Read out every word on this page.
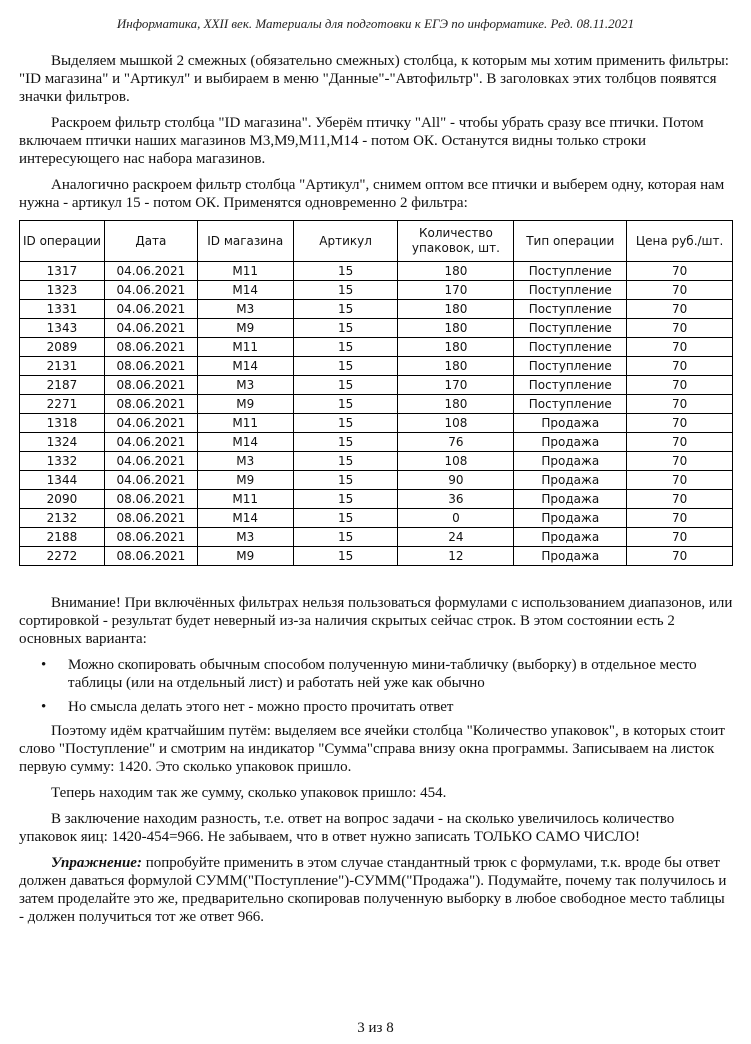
Информатика, XXII век. Материалы для подготовки к ЕГЭ по информатике. Ред. 08.11.2021

Выделяем мышкой 2 смежных (обязательно смежных) столбца, к которым мы хотим применить фильтры: "ID магазина" и "Артикул" и выбираем в меню "Данные"-"Автофильтр". В заголовках этих толбцов появятся значки фильтров.

Раскроем фильтр столбца "ID магазина". Уберём птичку "All" - чтобы убрать сразу все птички. Потом включаем птички наших магазинов М3,М9,М11,М14 - потом ОК. Останутся видны только строки интересующего нас набора магазинов.

Аналогично раскроем фильтр столбца "Артикул", снимем оптом все птички и выберем одну, которая нам нужна - артикул 15 - потом ОК. Применятся одновременно 2 фильтра:

ID операции	Дата	ID магазина	Артикул	Количество упаковок, шт.	Тип операции	Цена руб./шт.
1317	04.06.2021	М11	15	180	Поступление	70
1323	04.06.2021	М14	15	170	Поступление	70
1331	04.06.2021	М3	15	180	Поступление	70
1343	04.06.2021	М9	15	180	Поступление	70
2089	08.06.2021	М11	15	180	Поступление	70
2131	08.06.2021	М14	15	180	Поступление	70
2187	08.06.2021	М3	15	170	Поступление	70
2271	08.06.2021	М9	15	180	Поступление	70
1318	04.06.2021	М11	15	108	Продажа	70
1324	04.06.2021	М14	15	76	Продажа	70
1332	04.06.2021	М3	15	108	Продажа	70
1344	04.06.2021	М9	15	90	Продажа	70
2090	08.06.2021	М11	15	36	Продажа	70
2132	08.06.2021	М14	15	0	Продажа	70
2188	08.06.2021	М3	15	24	Продажа	70
2272	08.06.2021	М9	15	12	Продажа	70

Внимание! При включённых фильтрах нельзя пользоваться формулами с использованием диапазонов, или сортировкой - результат будет неверный из-за наличия скрытых сейчас строк. В этом состоянии есть 2 основных варианта:

• Можно скопировать обычным способом полученную мини-табличку (выборку) в отдельное место таблицы (или на отдельный лист) и работать ней уже как обычно
• Но смысла делать этого нет - можно просто прочитать ответ

Поэтому идём кратчайшим путём: выделяем все ячейки столбца "Количество упаковок", в которых стоит слово "Поступление" и смотрим на индикатор "Сумма"справа внизу окна программы. Записываем на листок первую сумму: 1420. Это сколько упаковок пришло.

Теперь находим так же сумму, сколько упаковок пришло: 454.

В заключение находим разность, т.е. ответ на вопрос задачи - на сколько увеличилось количество упаковок яиц: 1420-454=966. Не забываем, что в ответ нужно записать ТОЛЬКО САМО ЧИСЛО!

Упражнение: попробуйте применить в этом случае стандантный трюк с формулами, т.к. вроде бы ответ должен даваться формулой СУММ("Поступление")-СУММ("Продажа"). Подумайте, почему так получилось и затем проделайте это же, предварительно скопировав полученную выборку в любое свободное место таблицы - должен получиться тот же ответ 966.

3 из 8
